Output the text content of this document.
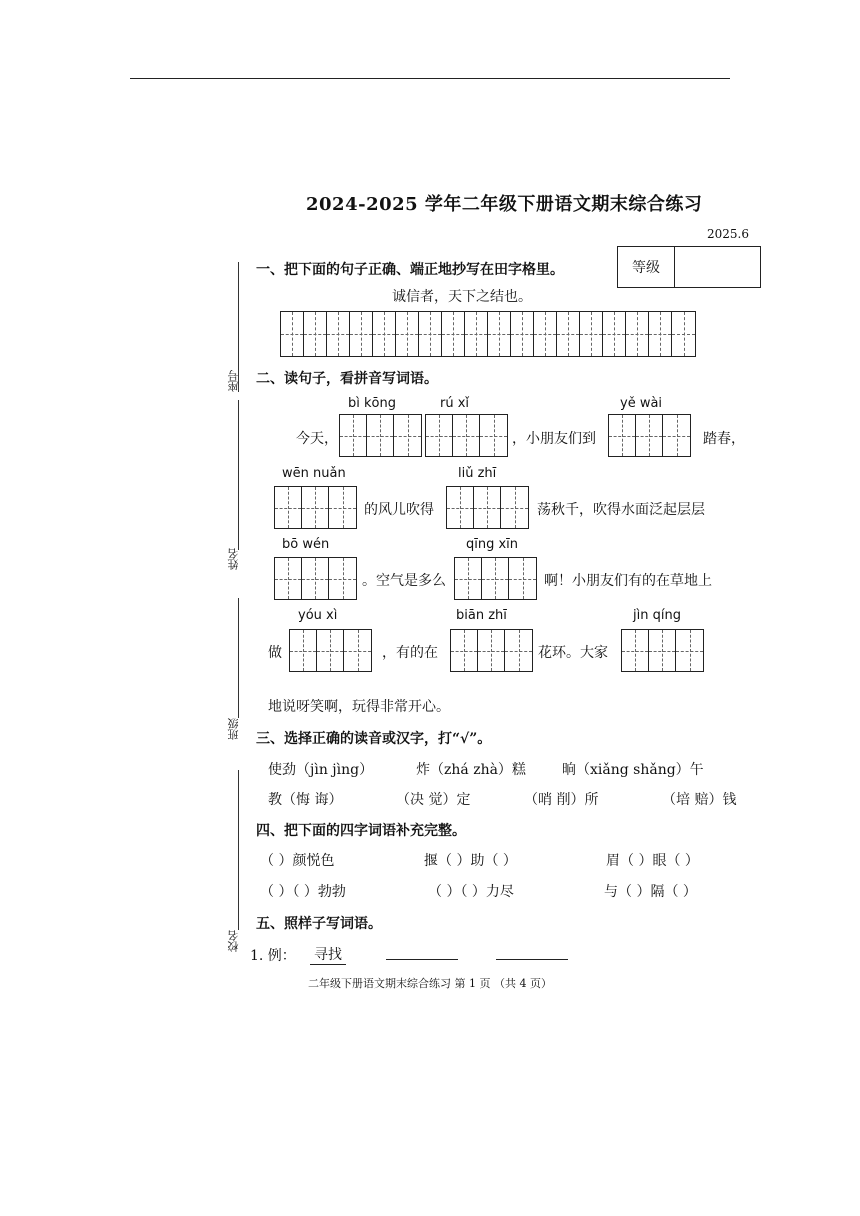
2024-2025 学年二年级下册语文期末综合练习
2025.6
等级
座号
姓名
班级
校名
一、把下面的句子正确、端正地抄写在田字格里。
诚信者，天下之结也。
二、读句子，看拼音写词语。
bì kōng	rú xǐ	yě wài
今天，	，小朋友们到	踏春，
wēn nuǎn	liǔ zhī
的风儿吹得	荡秋千，吹得水面泛起层层
bō wén	qīng xīn
。空气是多么	啊！小朋友们有的在草地上
yóu xì	biān zhī	jìn qíng
做	，有的在	花环。大家
地说呀笑啊，玩得非常开心。
三、选择正确的读音或汉字，打“√”。
使劲（jìn jìng）	炸（zhá zhà）糕	晌（xiǎng shǎng）午
教（悔 诲）	（决 觉）定	（哨 削）所	（培 赔）钱
四、把下面的四字词语补充完整。
（ ）颜悦色	揠（ ）助（ ）	眉（ ）眼（ ）
（ ）（ ）勃勃	（ ）（ ）力尽	与（ ）隔（ ）
五、照样子写词语。
1. 例： 寻找
二年级下册语文期末综合练习 第 1 页 （共 4 页）
